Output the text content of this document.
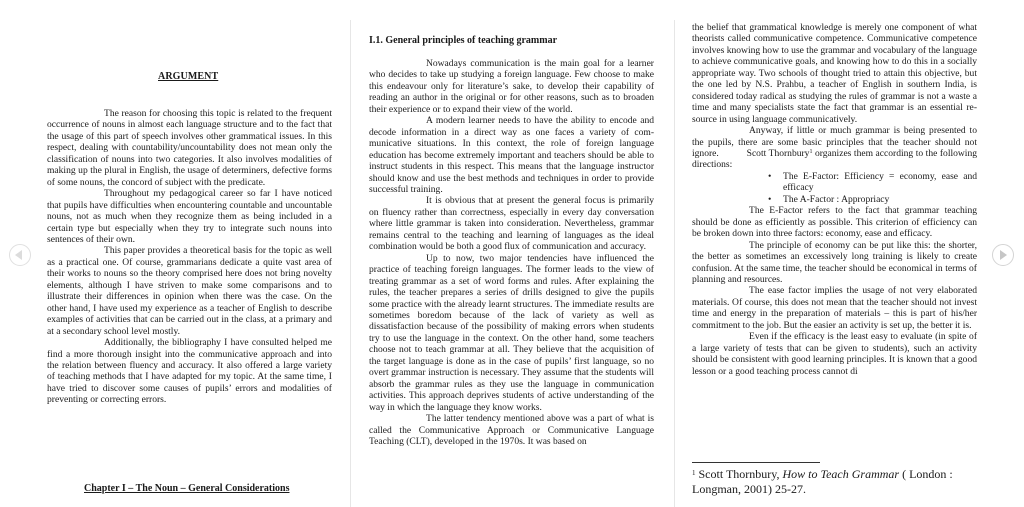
ARGUMENT

The reason for choosing this topic is related to the frequent occurrence of nouns in almost each language structure and to the fact that the usage of this part of speech involves other grammatical issues. In this respect, dealing with countability/uncountability does not mean only the classification of nouns into two categories. It also involves modalities of making up the plural in English, the usage of determiners, defective forms of some nouns, the concord of subject with the predicate.

Throughout my pedagogical career so far I have noticed that pupils have difficulties when encountering countable and uncountable nouns, not as much when they recognize them as being included in a certain type but especially when they try to integrate such nouns into sentences of their own.

This paper provides a theoretical basis for the topic as well as a practical one. Of course, grammarians dedicate a quite vast area of their works to nouns so the theory comprised here does not bring novelty elements, although I have striven to make some comparisons and to illustrate their differences in opinion when there was the case. On the other hand, I have used my experience as a teacher of English to describe examples of activities that can be carried out in the class, at a primary and at a secondary school level mostly.

Additionally, the bibliography I have consulted helped me find a more thorough insight into the communicative approach and into the relation between fluency and accuracy. It also offered a large variety of teaching methods that I have adapted for my topic. At the same time, I have tried to discover some causes of pupils’ errors and modalities of preventing or correcting errors.

Chapter I – The Noun – General Considerations
I.1. General principles of teaching grammar

Nowadays communication is the main goal for a learner who decides to take up studying a foreign language. Few choose to make this endeavour only for literature’s sake, to develop their capability of reading an author in the original or for other reasons, such as to broaden their experience or to expand their view of the world.

A modern learner needs to have the ability to encode and decode information in a direct way as one faces a variety of communicative situations. In this context, the role of foreign language education has become extremely important and teachers should be able to instruct students in this respect. This means that the language instructor should know and use the best methods and techniques in order to provide successful training.

It is obvious that at present the general focus is primarily on fluency rather than correctness, especially in every day conversation where little grammar is taken into consideration. Nevertheless, grammar remains central to the teaching and learning of languages as the ideal combination would be both a good flux of communication and accuracy.

Up to now, two major tendencies have influenced the practice of teaching foreign languages. The former leads to the view of treating grammar as a set of word forms and rules. After explaining the rules, the teacher prepares a series of drills designed to give the pupils some practice with the already learnt structures. The immediate results are sometimes boredom because of the lack of variety as well as dissatisfaction because of the possibility of making errors when students try to use the language in the context. On the other hand, some teachers choose not to teach grammar at all. They believe that the acquisition of the target language is done as in the case of pupils’ first language, so no overt grammar instruction is necessary. They assume that the students will absorb the grammar rules as they use the language in communication activities. This approach deprives students of active understanding of the way in which the language they know works.

The latter tendency mentioned above was a part of what is called the Communicative Approach or Communicative Language Teaching (CLT), developed in the 1970s. It was based on

the belief that grammatical knowledge is merely one component of what theorists called communicative competence. Communicative competence involves knowing how to use the grammar and vocabulary of the language to achieve communicative goals, and knowing how to do this in a socially appropriate way. Two schools of thought tried to attain this objective, but the one led by N.S. Prahbu, a teacher of English in southern India, is considered today radical as studying the rules of grammar is not a waste a time and many specialists state the fact that grammar is an essential resource in using language communicatively.

Anyway, if little or much grammar is being presented to the pupils, there are some basic principles that the teacher should not ignore.           Scott Thornbury$^1$ organizes them according to the following directions:

• The E-Factor: Efficiency = economy, ease and efficacy
• The A-Factor : Appropriacy

The E-Factor refers to the fact that grammar teaching should be done as efficiently as possible. This criterion of efficiency can be broken down into three factors: economy, ease and efficacy.

The principle of economy can be put like this: the shorter, the better as sometimes an excessively long training is likely to create confusion. At the same time, the teacher should be economical in terms of planning and resources.

The ease factor implies the usage of not very elaborated materials. Of course, this does not mean that the teacher should not invest time and energy in the preparation of materials – this is part of his/her commitment to the job. But the easier an activity is set up, the better it is.

Even if the efficacy is the least easy to evaluate (in spite of a large variety of tests that can be given to students), such an activity should be consistent with good learning principles. It is known that a good lesson or a good teaching process cannot di

$^1$ Scott Thornbury, How to Teach Grammar ( London : Longman, 2001) 25-27.
